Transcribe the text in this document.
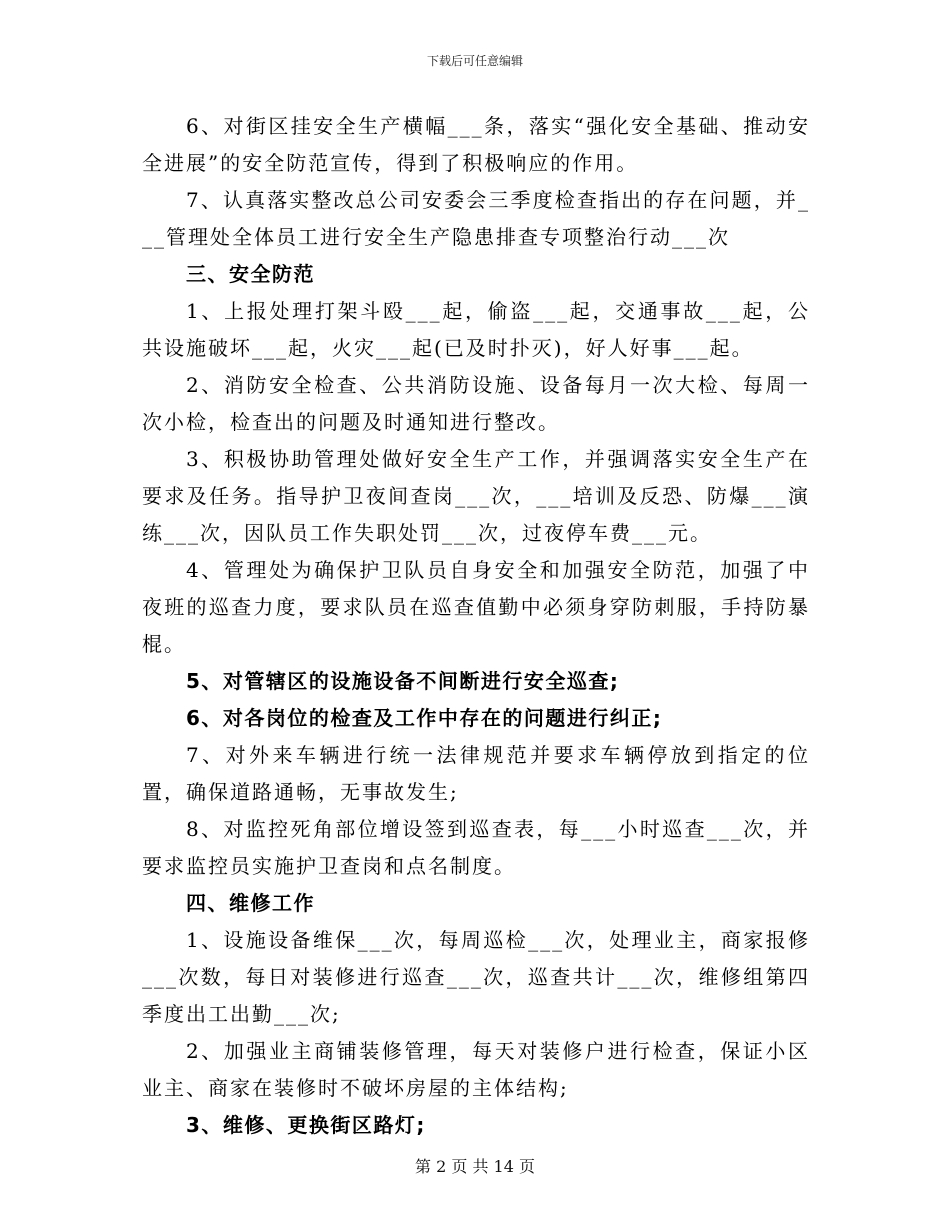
下载后可任意编辑

6、对街区挂安全生产横幅___条，落实“强化安全基础、推动安全进展”的安全防范宣传，得到了积极响应的作用。

7、认真落实整改总公司安委会三季度检查指出的存在问题，并___管理处全体员工进行安全生产隐患排查专项整治行动___次

三、安全防范

1、上报处理打架斗殴___起，偷盗___起，交通事故___起，公共设施破坏___起，火灾___起(已及时扑灭)，好人好事___起。

2、消防安全检查、公共消防设施、设备每月一次大检、每周一次小检，检查出的问题及时通知进行整改。

3、积极协助管理处做好安全生产工作，并强调落实安全生产在要求及任务。指导护卫夜间查岗___次，___培训及反恐、防爆___演练___次，因队员工作失职处罚___次，过夜停车费___元。

4、管理处为确保护卫队员自身安全和加强安全防范，加强了中夜班的巡查力度，要求队员在巡查值勤中必须身穿防刺服，手持防暴棍。

5、对管辖区的设施设备不间断进行安全巡查;

6、对各岗位的检查及工作中存在的问题进行纠正;

7、对外来车辆进行统一法律规范并要求车辆停放到指定的位置，确保道路通畅，无事故发生;

8、对监控死角部位增设签到巡查表，每___小时巡查___次，并要求监控员实施护卫查岗和点名制度。

四、维修工作

1、设施设备维保___次，每周巡检___次，处理业主，商家报修___次数，每日对装修进行巡查___次，巡查共计___次，维修组第四季度出工出勤___次;

2、加强业主商铺装修管理，每天对装修户进行检查，保证小区业主、商家在装修时不破坏房屋的主体结构;

3、维修、更换街区路灯;

第 2 页 共 14 页
